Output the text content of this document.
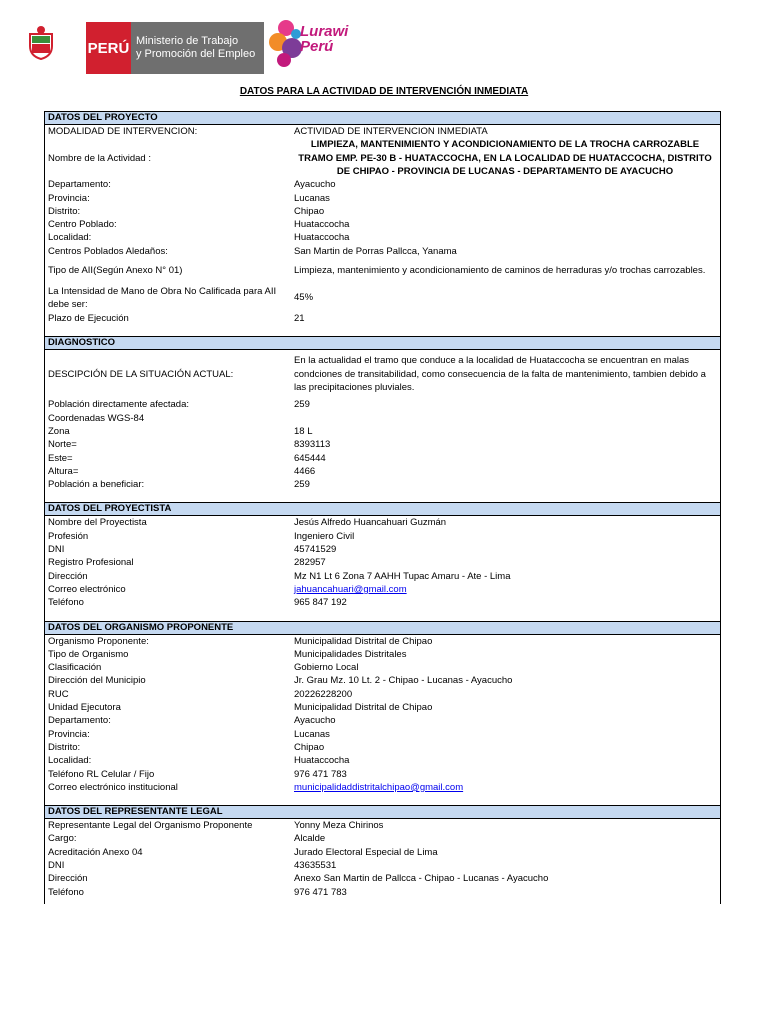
PERÚ Ministerio de Trabajo
y Promoción del Empleo
Lurawi
Perú
DATOS PARA LA ACTIVIDAD DE INTERVENCIÓN INMEDIATA
DATOS DEL PROYECTO
MODALIDAD DE INTERVENCION:	ACTIVIDAD DE INTERVENCION INMEDIATA
Nombre de la Actividad :
LIMPIEZA, MANTENIMIENTO Y ACONDICIONAMIENTO DE LA TROCHA CARROZABLE TRAMO EMP. PE-30 B - HUATACCOCHA, EN LA LOCALIDAD DE HUATACCOCHA, DISTRITO DE CHIPAO - PROVINCIA DE LUCANAS - DEPARTAMENTO DE AYACUCHO
Departamento:	Ayacucho
Provincia:	Lucanas
Distrito:	Chipao
Centro Poblado:	Huataccocha
Localidad:	Huataccocha
Centros Poblados Aledaños:	San Martin de Porras Pallcca, Yanama
Tipo de AII(Según Anexo N° 01)	Limpieza, mantenimiento y acondicionamiento de caminos de herraduras y/o trochas carrozables.
La Intensidad de Mano de Obra No Calificada para AII debe ser:
45%
Plazo de Ejecución	21
DIAGNOSTICO
DESCIPCIÓN DE LA SITUACIÓN ACTUAL:
En la actualidad el tramo que conduce a la localidad de Huataccocha se encuentran en malas condciones de transitabilidad, como consecuencia de la falta de mantenimiento, tambien debido a las precipitaciones pluviales.
Población directamente afectada:	259
Coordenadas WGS-84
Zona	18 L
Norte=	8393113
Este=	645444
Altura=	4466
Población a beneficiar:	259
DATOS DEL PROYECTISTA
Nombre del Proyectista	Jesús Alfredo Huancahuari Guzmán
Profesión	Ingeniero Civil
DNI	45741529
Registro Profesional	282957
Dirección	Mz N1 Lt 6 Zona 7 AAHH Tupac Amaru - Ate - Lima
Correo electrónico	jahuancahuari@gmail.com
Teléfono	965 847 192
DATOS DEL ORGANISMO PROPONENTE
Organismo Proponente:	Municipalidad Distrital de Chipao
Tipo de Organismo	Municipalidades Distritales
Clasificación	Gobierno Local
Dirección del Municipio	Jr. Grau Mz. 10 Lt. 2 - Chipao - Lucanas - Ayacucho
RUC	20226228200
Unidad Ejecutora	Municipalidad Distrital de Chipao
Departamento:	Ayacucho
Provincia:	Lucanas
Distrito:	Chipao
Localidad:	Huataccocha
Teléfono RL Celular / Fijo	976 471 783
Correo electrónico institucional	municipalidaddistritalchipao@gmail.com
DATOS DEL REPRESENTANTE LEGAL
Representante Legal del Organismo Proponente	Yonny Meza Chirinos
Cargo:	Alcalde
Acreditación Anexo 04	Jurado Electoral Especial de Lima
DNI	43635531
Dirección	Anexo San Martin de Pallcca - Chipao - Lucanas - Ayacucho
Teléfono	976 471 783
